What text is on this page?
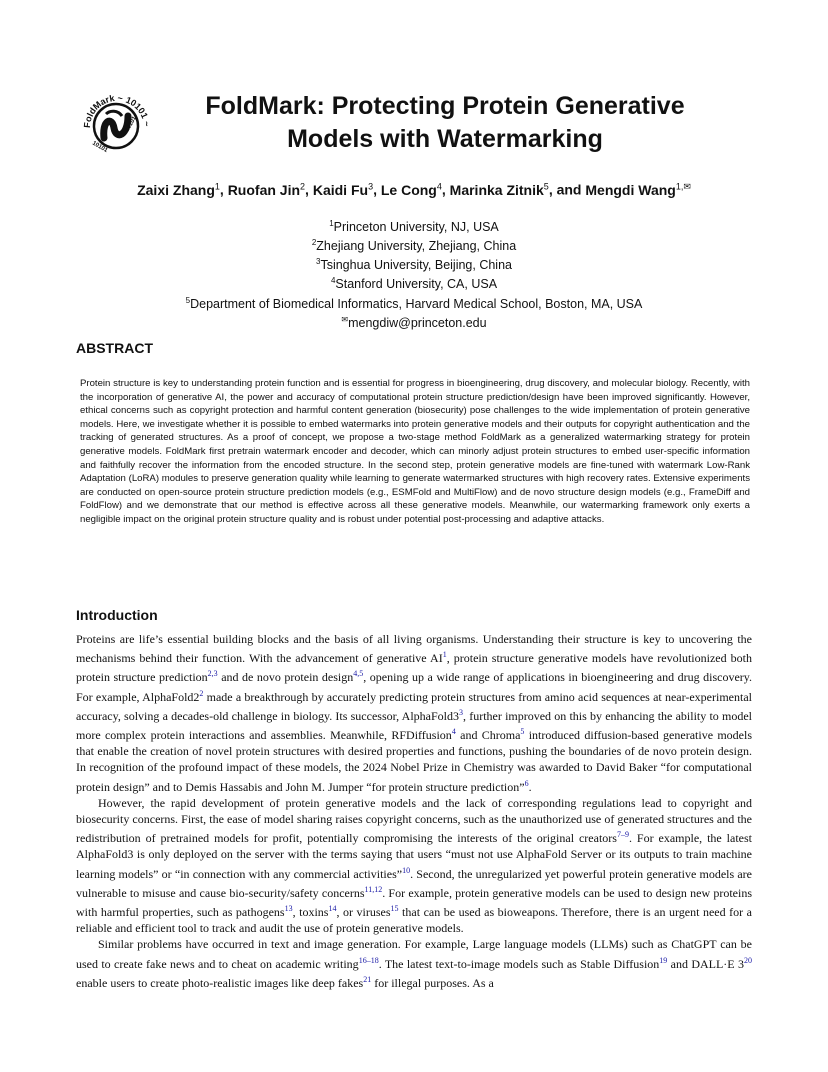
FoldMark ~ 10101 ~
10101
10101
FoldMark: Protecting Protein Generative
Models with Watermarking
Zaixi Zhang$^1$, Ruofan Jin$^2$, Kaidi Fu$^3$, Le Cong$^4$, Marinka Zitnik$^5$, and Mengdi Wang$^{1,✉}$
$^1$Princeton University, NJ, USA
$^2$Zhejiang University, Zhejiang, China
$^3$Tsinghua University, Beijing, China
$^4$Stanford University, CA, USA
$^5$Department of Biomedical Informatics, Harvard Medical School, Boston, MA, USA
✉mengdiw@princeton.edu
ABSTRACT

Protein structure is key to understanding protein function and is essential for progress in bioengineering, drug discovery, and molecular biology. Recently, with the incorporation of generative AI, the power and accuracy of computational protein structure prediction/design have been improved significantly. However, ethical concerns such as copyright protection and harmful content generation (biosecurity) pose challenges to the wide implementation of protein generative models. Here, we investigate whether it is possible to embed watermarks into protein generative models and their outputs for copyright authentication and the tracking of generated structures. As a proof of concept, we propose a two-stage method FoldMark as a generalized watermarking strategy for protein generative models. FoldMark first pretrain watermark encoder and decoder, which can minorly adjust protein structures to embed user-specific information and faithfully recover the information from the encoded structure. In the second step, protein generative models are fine-tuned with watermark Low-Rank Adaptation (LoRA) modules to preserve generation quality while learning to generate watermarked structures with high recovery rates. Extensive experiments are conducted on open-source protein structure prediction models (e.g., ESMFold and MultiFlow) and de novo structure design models (e.g., FrameDiff and FoldFlow) and we demonstrate that our method is effective across all these generative models. Meanwhile, our watermarking framework only exerts a negligible impact on the original protein structure quality and is robust under potential post-processing and adaptive attacks.

Introduction

Proteins are life’s essential building blocks and the basis of all living organisms. Understanding their structure is key to uncovering the mechanisms behind their function. With the advancement of generative $AI^1$, protein structure generative models have revolutionized both protein structure prediction$^{2,3}$ and de novo protein design$^{4,5}$, opening up a wide range of applications in bioengineering and drug discovery. For example, $AlphaFold2^2$ made a breakthrough by accurately predicting protein structures from amino acid sequences at near-experimental accuracy, solving a decades-old challenge in biology. Its successor, $AlphaFold3^3$, further improved on this by enhancing the ability to model more complex protein interactions and assemblies. Meanwhile, RFDiffusion$^4$ and Chroma$^5$ introduced diffusion-based generative models that enable the creation of novel protein structures with desired properties and functions, pushing the boundaries of de novo protein design. In recognition of the profound impact of these models, the 2024 Nobel Prize in Chemistry was awarded to David Baker “for computational protein design” and to Demis Hassabis and John M. Jumper “for protein structure prediction”$^6$.

However, the rapid development of protein generative models and the lack of corresponding regulations lead to copyright and biosecurity concerns. First, the ease of model sharing raises copyright concerns, such as the unauthorized use of generated structures and the redistribution of pretrained models for profit, potentially compromising the interests of the original creators$^{7-9}$. For example, the latest AlphaFold3 is only deployed on the server with the terms saying that users “must not use AlphaFold Server or its outputs to train machine learning models” or “in connection with any commercial activities”$^{10}$. Second, the unregularized yet powerful protein generative models are vulnerable to misuse and cause bio-security/safety concerns$^{11,12}$. For example, protein generative models can be used to design new proteins with harmful properties, such as pathogens$^{13}$, toxins$^{14}$, or viruses$^{15}$ that can be used as bioweapons. Therefore, there is an urgent need for a reliable and efficient tool to track and audit the use of protein generative models.

Similar problems have occurred in text and image generation. For example, Large language models (LLMs) such as ChatGPT can be used to create fake news and to cheat on academic writing$^{16-18}$. The latest text-to-image models such as Stable Diffusion$^{19}$ and DALL·E $3^{20}$ enable users to create photo-realistic images like deep fakes$^{21}$ for illegal purposes. As a
